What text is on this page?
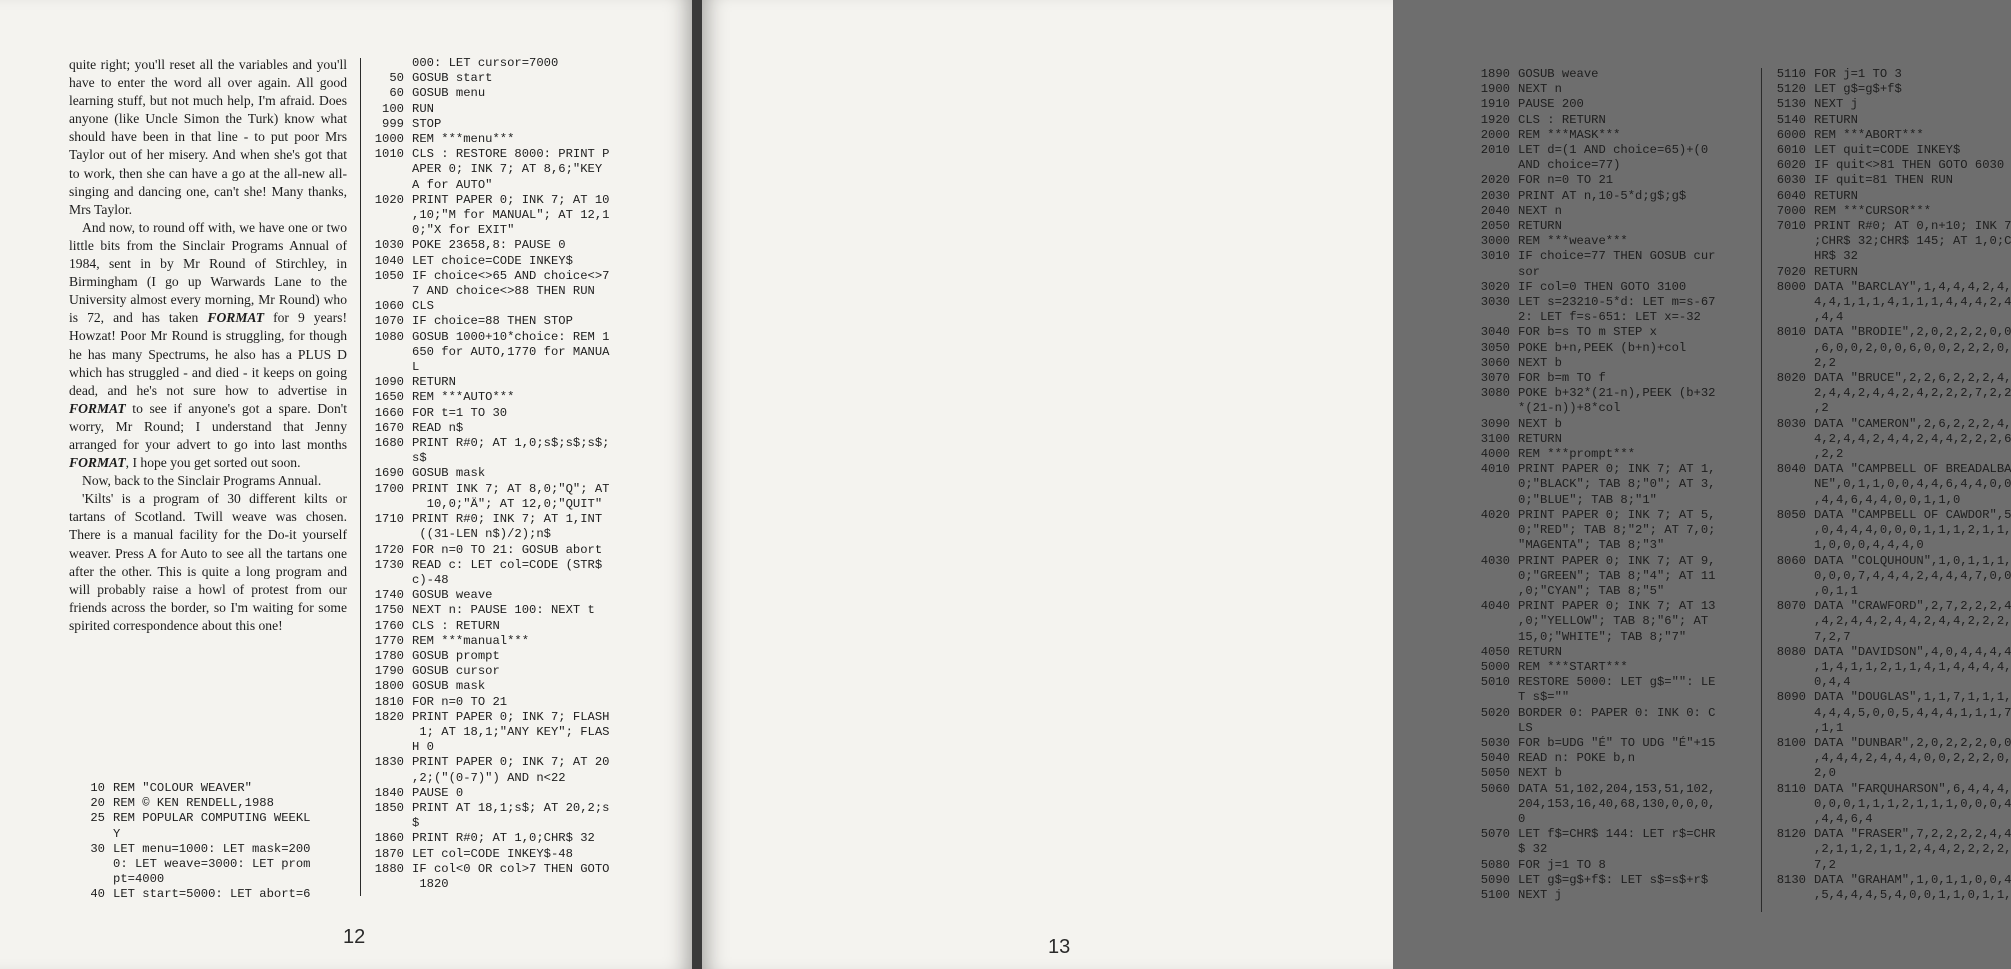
quite right; you'll reset all the variables and you'll have to enter the word all over again. All good learning stuff, but not much help, I'm afraid. Does anyone (like Uncle Simon the Turk) know what should have been in that line - to put poor Mrs Taylor out of her misery. And when she's got that to work, then she can have a go at the all-new all-singing and dancing one, can't she! Many thanks, Mrs Taylor.

And now, to round off with, we have one or two little bits from the Sinclair Programs Annual of 1984, sent in by Mr Round of Stirchley, in Birmingham (I go up Warwards Lane to the University almost every morning, Mr Round) who is 72, and has taken FORMAT for 9 years! Howzat! Poor Mr Round is struggling, for though he has many Spectrums, he also has a PLUS D which has struggled - and died - it keeps on going dead, and he's not sure how to advertise in FORMAT to see if anyone's got a spare. Don't worry, Mr Round; I understand that Jenny arranged for your advert to go into last months FORMAT, I hope you get sorted out soon.

Now, back to the Sinclair Programs Annual.

'Kilts' is a program of 30 different kilts or tartans of Scotland. Twill weave was chosen. There is a manual facility for the Do-it yourself weaver. Press A for Auto to see all the tartans one after the other. This is quite a long program and will probably raise a howl of protest from our friends across the border, so I'm waiting for some spirited correspondence about this one!

10 REM "COLOUR WEAVER"
20 REM © KEN RENDELL,1988
25 REM POPULAR COMPUTING WEEKL
Y
30 LET menu=1000: LET mask=200
0: LET weave=3000: LET prom
pt=4000
40 LET start=5000: LET abort=6
000: LET cursor=7000
50 GOSUB start
60 GOSUB menu
100 RUN
999 STOP
1000 REM ***menu***
1010 CLS : RESTORE 8000: PRINT P
APER 0; INK 7; AT 8,6;"KEY
A for AUTO"
1020 PRINT PAPER 0; INK 7; AT 10
,10;"M for MANUAL"; AT 12,1
0;"X for EXIT"
1030 POKE 23658,8: PAUSE 0
1040 LET choice=CODE INKEY$
1050 IF choice<>65 AND choice<>7
7 AND choice<>88 THEN RUN
1060 CLS
1070 IF choice=88 THEN STOP
1080 GOSUB 1000+10*choice: REM 1
650 for AUTO,1770 for MANUA
L
1090 RETURN
1650 REM ***AUTO***
1660 FOR t=1 TO 30
1670 READ n$
1680 PRINT R#0; AT 1,0;s$;s$;s$;
s$
1690 GOSUB mask
1700 PRINT INK 7; AT 8,0;"Q"; AT
10,0;"Ä"; AT 12,0;"QUIT"
1710 PRINT R#0; INK 7; AT 1,INT
((31-LEN n$)/2);n$
1720 FOR n=0 TO 21: GOSUB abort
1730 READ c: LET col=CODE (STR$
c)-48
1740 GOSUB weave
1750 NEXT n: PAUSE 100: NEXT t
1760 CLS : RETURN
1770 REM ***manual***
1780 GOSUB prompt
1790 GOSUB cursor
1800 GOSUB mask
1810 FOR n=0 TO 21
1820 PRINT PAPER 0; INK 7; FLASH
1; AT 18,1;"ANY KEY"; FLAS
H 0
1830 PRINT PAPER 0; INK 7; AT 20
,2;("(0-7)") AND n<22
1840 PAUSE 0
1850 PRINT AT 18,1;s$; AT 20,2;s
$
1860 PRINT R#0; AT 1,0;CHR$ 32
1870 LET col=CODE INKEY$-48
1880 IF col<0 OR col>7 THEN GOTO
1820
12
1890 GOSUB weave
1900 NEXT n
1910 PAUSE 200
1920 CLS : RETURN
2000 REM ***MASK***
2010 LET d=(1 AND choice=65)+(0
AND choice=77)
2020 FOR n=0 TO 21
2030 PRINT AT n,10-5*d;g$;g$
2040 NEXT n
2050 RETURN
3000 REM ***weave***
3010 IF choice=77 THEN GOSUB cur
sor
3020 IF col=0 THEN GOTO 3100
3030 LET s=23210-5*d: LET m=s-67
2: LET f=s-651: LET x=-32
3040 FOR b=s TO m STEP x
3050 POKE b+n,PEEK (b+n)+col
3060 NEXT b
3070 FOR b=m TO f
3080 POKE b+32*(21-n),PEEK (b+32
*(21-n))+8*col
3090 NEXT b
3100 RETURN
4000 REM ***prompt***
4010 PRINT PAPER 0; INK 7; AT 1,
0;"BLACK"; TAB 8;"0"; AT 3,
0;"BLUE"; TAB 8;"1"
4020 PRINT PAPER 0; INK 7; AT 5,
0;"RED"; TAB 8;"2"; AT 7,0;
"MAGENTA"; TAB 8;"3"
4030 PRINT PAPER 0; INK 7; AT 9,
0;"GREEN"; TAB 8;"4"; AT 11
,0;"CYAN"; TAB 8;"5"
4040 PRINT PAPER 0; INK 7; AT 13
,0;"YELLOW"; TAB 8;"6"; AT
15,0;"WHITE"; TAB 8;"7"
4050 RETURN
5000 REM ***START***
5010 RESTORE 5000: LET g$="": LE
T s$=""
5020 BORDER 0: PAPER 0: INK 0: C
LS
5030 FOR b=UDG "É" TO UDG "É"+15
5040 READ n: POKE b,n
5050 NEXT b
5060 DATA 51,102,204,153,51,102,
204,153,16,40,68,130,0,0,0,
0
5070 LET f$=CHR$ 144: LET r$=CHR
$ 32
5080 FOR j=1 TO 8
5090 LET g$=g$+f$: LET s$=s$+r$
5100 NEXT j
5110 FOR j=1 TO 3
5120 LET g$=g$+f$
5130 NEXT j
5140 RETURN
6000 REM ***ABORT***
6010 LET quit=CODE INKEY$
6020 IF quit<>81 THEN GOTO 6030
6030 IF quit=81 THEN RUN
6040 RETURN
7000 REM ***CURSOR***
7010 PRINT R#0; AT 0,n+10; INK 7
;CHR$ 32;CHR$ 145; AT 1,0;C
HR$ 32
7020 RETURN
8000 DATA "BARCLAY",1,4,4,4,2,4,
4,4,1,1,1,4,1,1,1,4,4,4,2,4
,4,4
8010 DATA "BRODIE",2,0,2,2,2,0,0
,6,0,0,2,0,0,6,0,0,2,2,2,0,
2,2
8020 DATA "BRUCE",2,2,6,2,2,2,4,
2,4,4,2,4,4,2,4,2,2,2,7,2,2
,2
8030 DATA "CAMERON",2,6,2,2,2,4,
4,2,4,4,2,4,4,2,4,4,2,2,2,6
,2,2
8040 DATA "CAMPBELL OF BREADALBA
NE",0,1,1,0,0,4,4,6,4,4,0,0
,4,4,6,4,4,0,0,1,1,0
8050 DATA "CAMPBELL OF CAWDOR",5
,0,4,4,4,0,0,0,1,1,1,2,1,1,
1,0,0,0,4,4,4,0
8060 DATA "COLQUHOUN",1,0,1,1,1,
0,0,0,7,4,4,4,2,4,4,4,7,0,0
,0,1,1
8070 DATA "CRAWFORD",2,7,2,2,2,4
,4,2,4,4,2,4,4,2,4,4,2,2,2,
7,2,7
8080 DATA "DAVIDSON",4,0,4,4,4,4
,1,4,1,1,2,1,1,4,1,4,4,4,4,
0,4,4
8090 DATA "DOUGLAS",1,1,7,1,1,1,
4,4,4,5,0,0,5,4,4,4,1,1,1,7
,1,1
8100 DATA "DUNBAR",2,0,2,2,2,0,0
,4,4,4,2,4,4,4,0,0,2,2,2,0,
2,0
8110 DATA "FARQUHARSON",6,4,4,4,
0,0,0,1,1,1,2,1,1,1,0,0,0,4
,4,4,6,4
8120 DATA "FRASER",7,2,2,2,2,4,4
,2,1,1,2,1,1,2,4,4,2,2,2,2,
7,2
8130 DATA "GRAHAM",1,0,1,1,0,0,4
,5,4,4,4,5,4,0,0,1,1,0,1,1,
13
